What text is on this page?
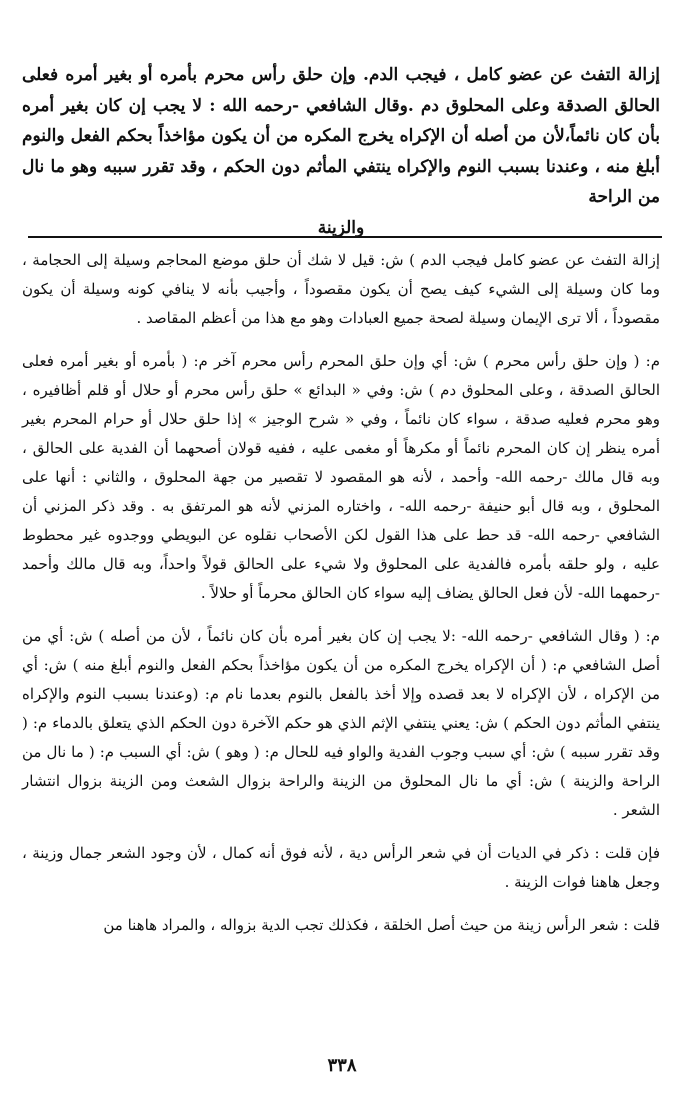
إزالة التفث عن عضو كامل ، فيجب الدم. وإن حلق رأس محرم بأمره أو بغير أمره فعلى الحالق الصدقة وعلى المحلوق دم .وقال الشافعي -رحمه الله : لا يجب إن كان بغير أمره بأن كان نائماً،لأن من أصله أن الإكراه يخرج المكره من أن يكون مؤاخذاً بحكم الفعل والنوم أبلغ منه ، وعندنا بسبب النوم والإكراه ينتفي المأثم دون الحكم ، وقد تقرر سببه وهو ما نال من الراحة
والزينة

إزالة التفث عن عضو كامل فيجب الدم ) ش: قيل لا شك أن حلق موضع المحاجم وسيلة إلى الحجامة ، وما كان وسيلة إلى الشيء كيف يصح أن يكون مقصوداً ، وأجيب بأنه لا ينافي كونه وسيلة أن يكون مقصوداً ، ألا ترى الإيمان وسيلة لصحة جميع العبادات وهو مع هذا من أعظم المقاصد .

م: ( وإن حلق رأس محرم ) ش: أي وإن حلق المحرم رأس محرم آخر م: ( بأمره أو بغير أمره فعلى الحالق الصدقة ، وعلى المحلوق دم ) ش: وفي « البدائع » حلق رأس محرم أو حلال أو قلم أظافيره ، وهو محرم فعليه صدقة ، سواء كان نائماً ، وفي « شرح الوجيز » إذا حلق حلال أو حرام المحرم بغير أمره ينظر إن كان المحرم نائماً أو مكرهاً أو مغمى عليه ، ففيه قولان أصحهما أن الفدية على الحالق ، وبه قال مالك -رحمه الله- وأحمد ، لأنه هو المقصود لا تقصير من جهة المحلوق ، والثاني : أنها على المحلوق ، وبه قال أبو حنيفة -رحمه الله- ، واختاره المزني لأنه هو المرتفق به . وقد ذكر المزني أن الشافعي -رحمه الله- قد حط على هذا القول لكن الأصحاب نقلوه عن البويطي ووجدوه غير محطوط عليه ، ولو حلقه بأمره فالفدية على المحلوق ولا شيء على الحالق قولاً واحداً، وبه قال مالك وأحمد -رحمهما الله- لأن فعل الحالق يضاف إليه سواء كان الحالق محرماً أو حلالاً .

م: ( وقال الشافعي -رحمه الله- :لا يجب إن كان بغير أمره بأن كان نائماً ، لأن من أصله ) ش: أي من أصل الشافعي م: ( أن الإكراه يخرج المكره من أن يكون مؤاخذاً بحكم الفعل والنوم أبلغ منه ) ش: أي من الإكراه ، لأن الإكراه لا بعد قصده وإلا أخذ بالفعل بالنوم بعدما نام م: (وعندنا بسبب النوم والإكراه ينتفي المأثم دون الحكم ) ش: يعني ينتفي الإثم الذي هو حكم الآخرة دون الحكم الذي يتعلق بالدماء م: ( وقد تقرر سببه ) ش: أي سبب وجوب الفدية والواو فيه للحال م: ( وهو ) ش: أي السبب م: ( ما نال من الراحة والزينة ) ش: أي ما نال المحلوق من الزينة والراحة بزوال الشعث ومن الزينة بزوال انتشار الشعر .

فإن قلت : ذكر في الديات أن في شعر الرأس دية ، لأنه فوق أنه كمال ، لأن وجود الشعر جمال وزينة ، وجعل هاهنا فوات الزينة .

قلت : شعر الرأس زينة من حيث أصل الخلقة ، فكذلك تجب الدية بزواله ، والمراد هاهنا من

٣٣٨
